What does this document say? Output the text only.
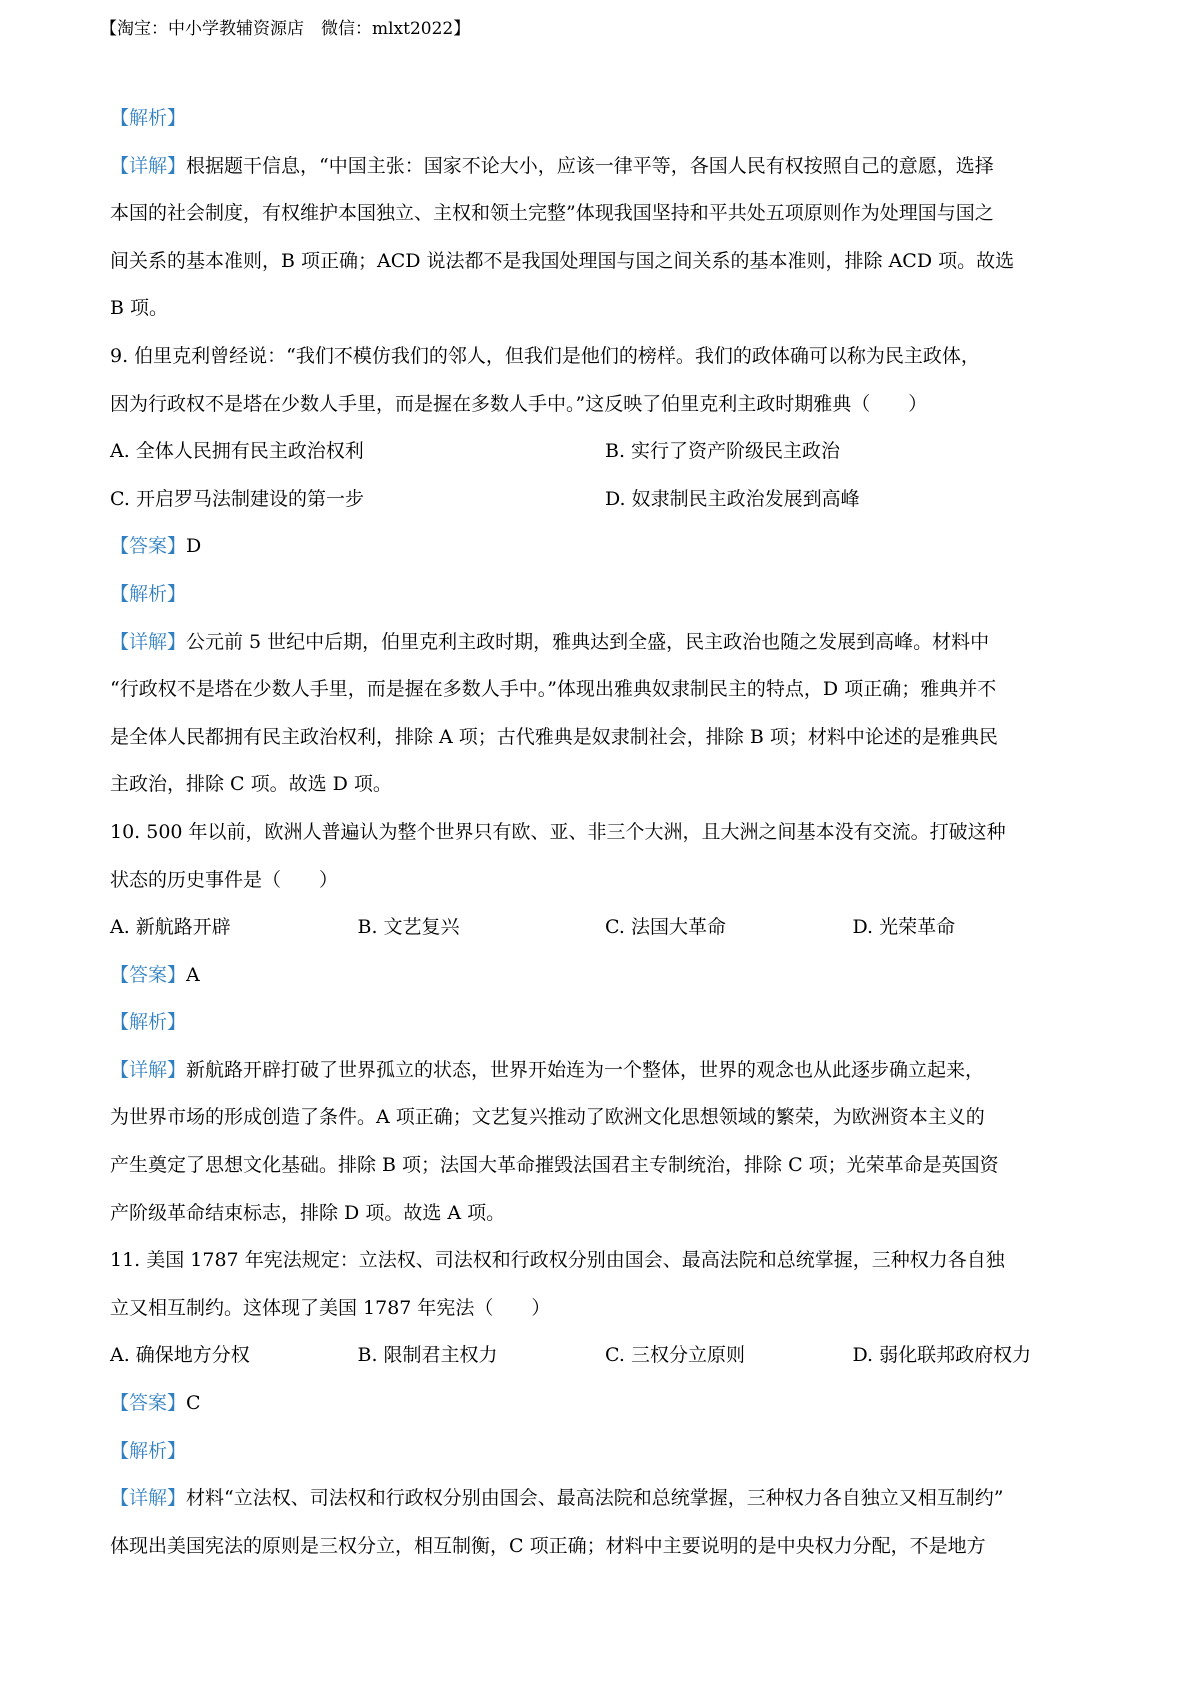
【淘宝：中小学教辅资源店　微信：mlxt2022】
【解析】
【详解】根据题干信息，“中国主张：国家不论大小，应该一律平等，各国人民有权按照自己的意愿，选择
本国的社会制度，有权维护本国独立、主权和领土完整”体现我国坚持和平共处五项原则作为处理国与国之
间关系的基本准则，B 项正确；ACD 说法都不是我国处理国与国之间关系的基本准则，排除 ACD 项。故选
B 项。
9. 伯里克利曾经说：“我们不模仿我们的邻人，但我们是他们的榜样。我们的政体确可以称为民主政体，
因为行政权不是塔在少数人手里，而是握在多数人手中。”这反映了伯里克利主政时期雅典（　　）
A. 全体人民拥有民主政治权利	B. 实行了资产阶级民主政治
C. 开启罗马法制建设的第一步	D. 奴隶制民主政治发展到高峰
【答案】D
【解析】
【详解】公元前 5 世纪中后期，伯里克利主政时期，雅典达到全盛，民主政治也随之发展到高峰。材料中
“行政权不是塔在少数人手里，而是握在多数人手中。”体现出雅典奴隶制民主的特点，D 项正确；雅典并不
是全体人民都拥有民主政治权利，排除 A 项；古代雅典是奴隶制社会，排除 B 项；材料中论述的是雅典民
主政治，排除 C 项。故选 D 项。
10. 500 年以前，欧洲人普遍认为整个世界只有欧、亚、非三个大洲，且大洲之间基本没有交流。打破这种
状态的历史事件是（　　）
A. 新航路开辟	B. 文艺复兴	C. 法国大革命	D. 光荣革命
【答案】A
【解析】
【详解】新航路开辟打破了世界孤立的状态，世界开始连为一个整体，世界的观念也从此逐步确立起来，
为世界市场的形成创造了条件。A 项正确；文艺复兴推动了欧洲文化思想领域的繁荣，为欧洲资本主义的
产生奠定了思想文化基础。排除 B 项；法国大革命摧毁法国君主专制统治，排除 C 项；光荣革命是英国资
产阶级革命结束标志，排除 D 项。故选 A 项。
11. 美国 1787 年宪法规定：立法权、司法权和行政权分别由国会、最高法院和总统掌握，三种权力各自独
立又相互制约。这体现了美国 1787 年宪法（　　）
A. 确保地方分权	B. 限制君主权力	C. 三权分立原则	D. 弱化联邦政府权力
【答案】C
【解析】
【详解】材料“立法权、司法权和行政权分别由国会、最高法院和总统掌握，三种权力各自独立又相互制约”
体现出美国宪法的原则是三权分立，相互制衡，C 项正确；材料中主要说明的是中央权力分配，不是地方
